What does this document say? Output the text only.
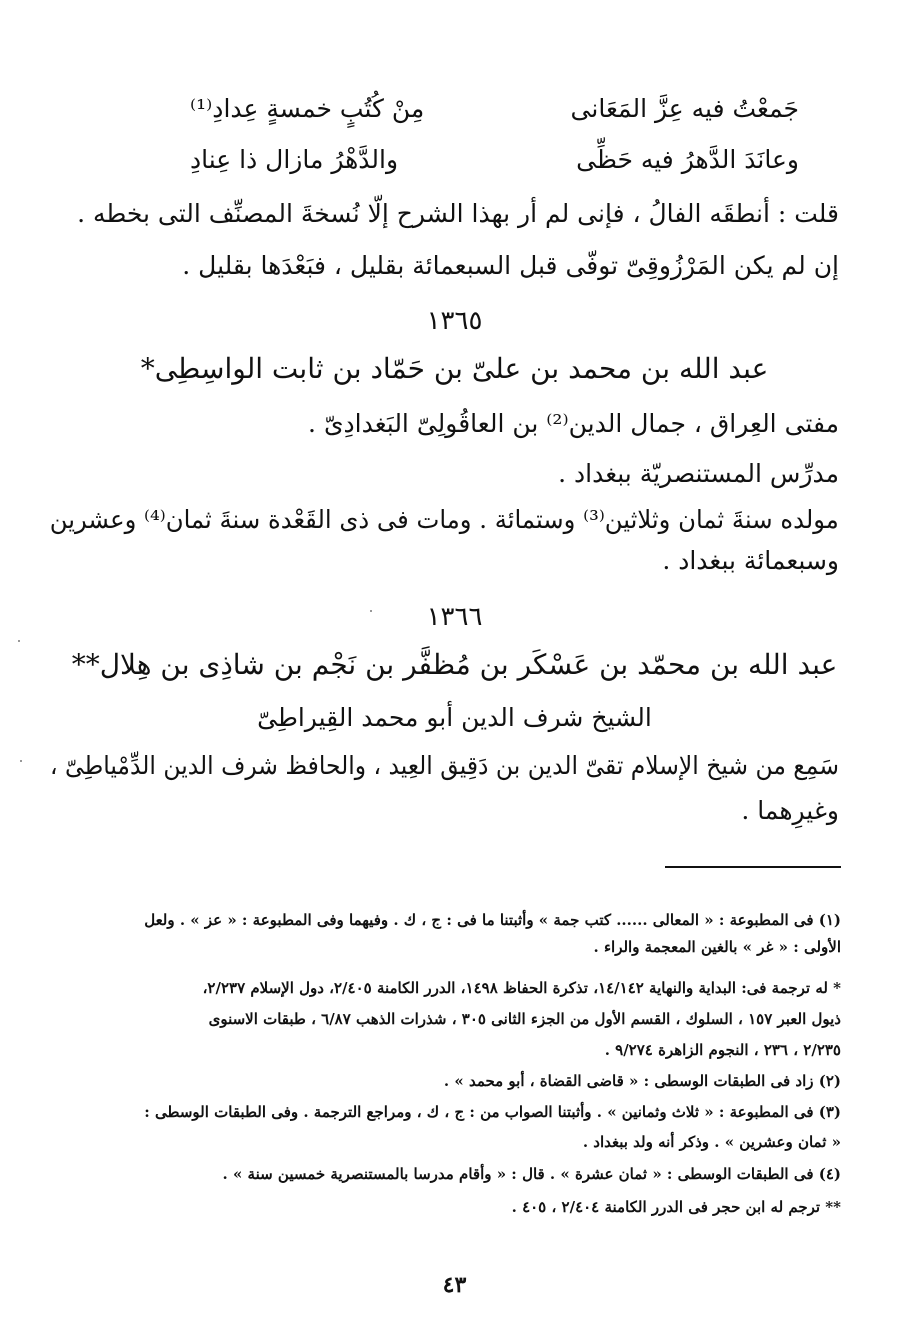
جَمعْتُ فيه عِزَّ المَعَانى
مِنْ كُتُبٍ خمسةٍ عِدادِ⁽¹⁾
وعانَدَ الدَّهرُ فيه حَظِّى
والدَّهْرُ مازال ذا عِنادِ
قلت : أنطقَه الفالُ ، فإنى لم أر بهذا الشرح إلّا نُسخةَ المصنِّف التى بخطه .
إن لم يكن المَرْزُوقِىّ توفّى قبل السبعمائة بقليل ، فبَعْدَها بقليل .
١٣٦٥
عبد الله بن محمد بن علىّ بن حَمّاد بن ثابت الواسِطِى*
مفتى العِراق ، جمال الدين⁽²⁾ بن العاقُولِىّ البَغدادِىّ .
مدرِّس المستنصريّة ببغداد .
مولده سنةَ ثمان وثلاثين⁽³⁾ وستمائة . ومات فى ذى القَعْدة سنةَ ثمان⁽⁴⁾ وعشرين
وسبعمائة ببغداد .
١٣٦٦
عبد الله بن محمّد بن عَسْكَر بن مُظفَّر بن نَجْم بن شاذِى بن هِلال**
الشيخ شرف الدين أبو محمد القِيراطِىّ
سَمِع من شيخ الإسلام تقىّ الدين بن دَقِيق العِيد ، والحافظ شرف الدين الدِّمْياطِىّ ،
وغيرِهما .
(١) فى المطبوعة : « المعالى ...... كتب جمة » وأثبتنا ما فى : ج ، ك . وفيهما وفى المطبوعة : « عز » . ولعل
الأولى : « غر » بالغين المعجمة والراء .
* له ترجمة فى: البداية والنهاية ١٤/١٤٢، تذكرة الحفاظ ١٤٩٨، الدرر الكامنة ٢/٤٠٥، دول الإسلام ٢/٢٣٧،
ذيول العبر ١٥٧ ، السلوك ، القسم الأول من الجزء الثانى ٣٠٥ ، شذرات الذهب ٦/٨٧ ، طبقات الاسنوى
٢/٢٣٥ ، ٢٣٦ ، النجوم الزاهرة ٩/٢٧٤ .
(٢) زاد فى الطبقات الوسطى : « قاضى القضاة ، أبو محمد » .
(٣) فى المطبوعة : « ثلاث وثمانين » . وأثبتنا الصواب من : ج ، ك ، ومراجع الترجمة . وفى الطبقات الوسطى :
« ثمان وعشرين » . وذكر أنه ولد ببغداد .
(٤) فى الطبقات الوسطى : « ثمان عشرة » . قال : « وأقام مدرسا بالمستنصرية خمسين سنة » .
** ترجم له ابن حجر فى الدرر الكامنة ٢/٤٠٤ ، ٤٠٥ .
٤٣
